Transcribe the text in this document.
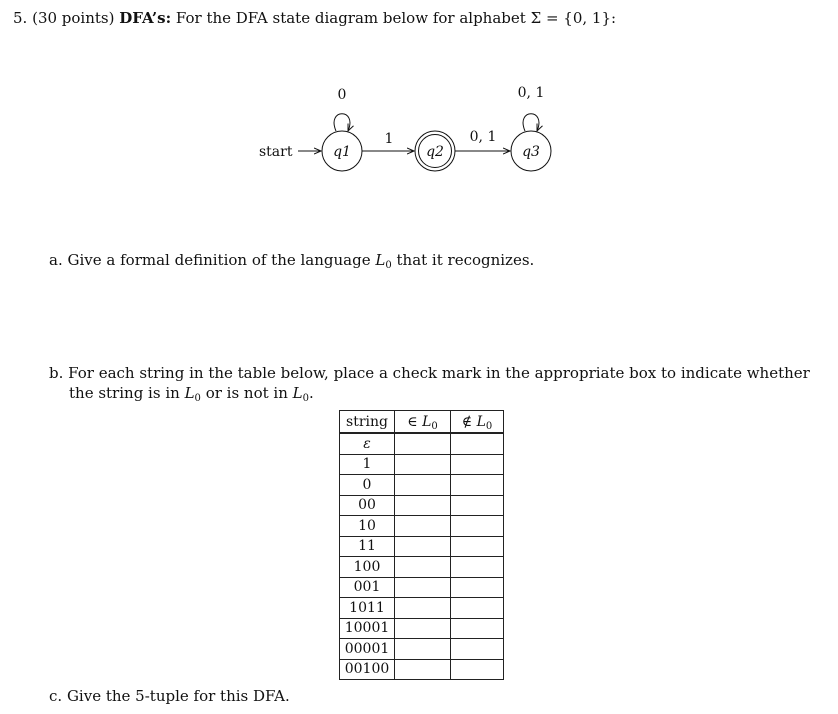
5. (30 points) DFA’s: For the DFA state diagram below for alphabet Σ = {0, 1}:
start	q1
0
1
q2
0, 1
q3
0, 1
a. Give a formal definition of the language $L_0$ that it recognizes.
b. For each string in the table below, place a check mark in the appropriate box to indicate whether
the string is in $L_0$ or is not in $L_0$.
string	∈ $L_0$	∉ $L_0$
ε		
1		
0		
00		
10		
11		
100		
001		
1011		
10001		
00001		
00100		
c. Give the 5-tuple for this DFA.
